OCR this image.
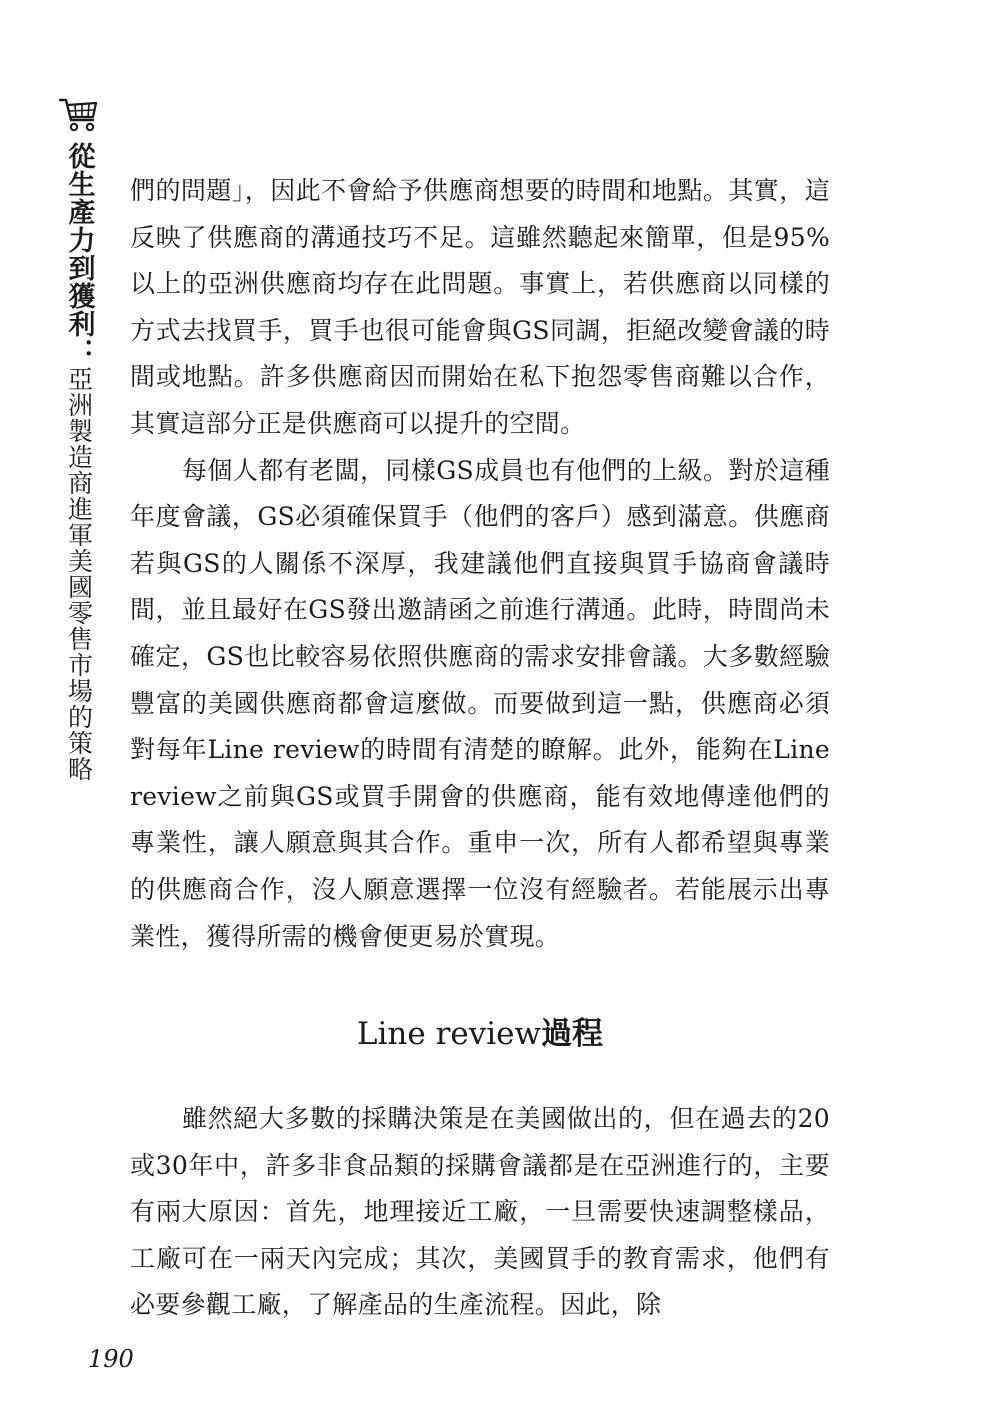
從生產力到獲利：
亞洲製造商進軍美國零售市場的策略

們的問題」，因此不會給予供應商想要的時間和地點。其實，這反映了供應商的溝通技巧不足。這雖然聽起來簡單，但是95%以上的亞洲供應商均存在此問題。事實上，若供應商以同樣的方式去找買手，買手也很可能會與GS同調，拒絕改變會議的時間或地點。許多供應商因而開始在私下抱怨零售商難以合作，其實這部分正是供應商可以提升的空間。

每個人都有老闆，同樣GS成員也有他們的上級。對於這種年度會議，GS必須確保買手（他們的客戶）感到滿意。供應商若與GS的人關係不深厚，我建議他們直接與買手協商會議時間，並且最好在GS發出邀請函之前進行溝通。此時，時間尚未確定，GS也比較容易依照供應商的需求安排會議。大多數經驗豐富的美國供應商都會這麼做。而要做到這一點，供應商必須對每年Line review的時間有清楚的瞭解。此外，能夠在Line review之前與GS或買手開會的供應商，能有效地傳達他們的專業性，讓人願意與其合作。重申一次，所有人都希望與專業的供應商合作，沒人願意選擇一位沒有經驗者。若能展示出專業性，獲得所需的機會便更易於實現。

Line review過程

雖然絕大多數的採購決策是在美國做出的，但在過去的20或30年中，許多非食品類的採購會議都是在亞洲進行的，主要有兩大原因：首先，地理接近工廠，一旦需要快速調整樣品，工廠可在一兩天內完成；其次，美國買手的教育需求，他們有必要參觀工廠，了解產品的生產流程。因此，除

190
